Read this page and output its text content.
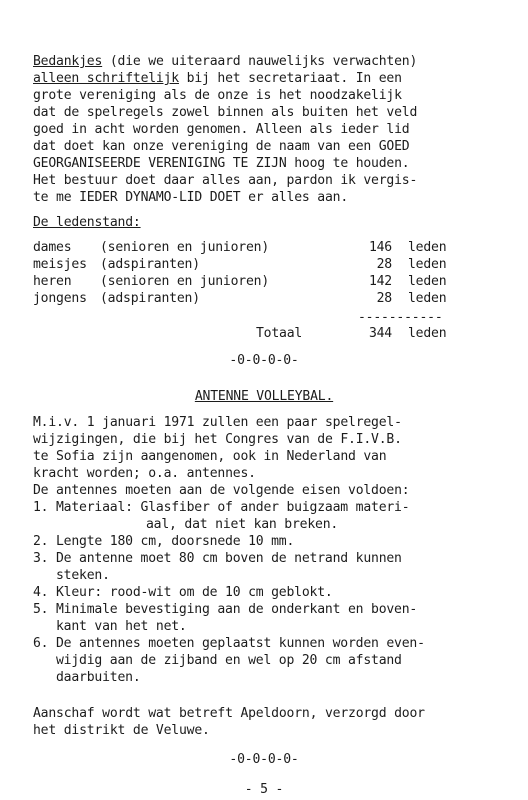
Bedankjes (die we uiteraard nauwelijks verwachten)
alleen schriftelijk bij het secretariaat. In een
grote vereniging als de onze is het noodzakelijk
dat de spelregels zowel binnen als buiten het veld
goed in acht worden genomen. Alleen als ieder lid
dat doet kan onze vereniging de naam van een GOED
GEORGANISEERDE VERENIGING TE ZIJN hoog te houden.
Het bestuur doet daar alles aan, pardon ik vergis-
te me IEDER DYNAMO-LID DOET er alles aan.
De ledenstand:
dames (senioren en junioren)	146 leden
meisjes (adspiranten)	28 leden
heren (senioren en junioren)	142 leden
jongens (adspiranten)	28 leden
-----------
Totaal	344 leden
-0-0-0-0-
ANTENNE VOLLEYBAL.
M.i.v. 1 januari 1971 zullen een paar spelregel-
wijzigingen, die bij het Congres van de F.I.V.B.
te Sofia zijn aangenomen, ook in Nederland van
kracht worden; o.a. antennes.
De antennes moeten aan de volgende eisen voldoen:
1. Materiaal: Glasfiber of ander buigzaam materi-
aal, dat niet kan breken.
2. Lengte 180 cm, doorsnede 10 mm.
3. De antenne moet 80 cm boven de netrand kunnen
steken.
4. Kleur: rood-wit om de 10 cm geblokt.
5. Minimale bevestiging aan de onderkant en boven-
kant van het net.
6. De antennes moeten geplaatst kunnen worden even-
wijdig aan de zijband en wel op 20 cm afstand
daarbuiten.
Aanschaf wordt wat betreft Apeldoorn, verzorgd door
het distrikt de Veluwe.
-0-0-0-0-
- 5 -
